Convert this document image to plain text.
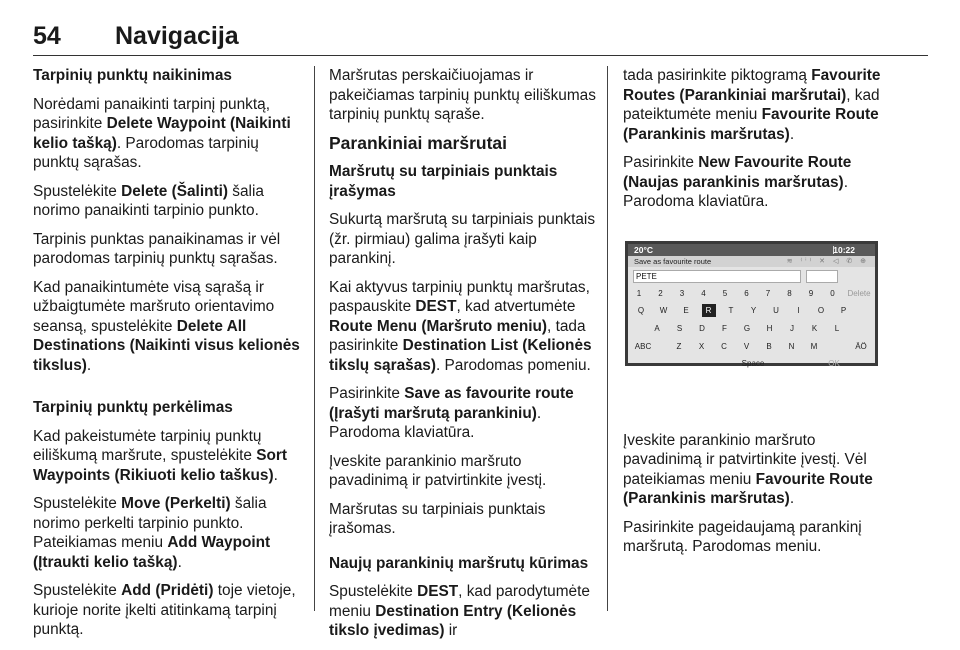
54 Navigacija

Tarpinių punktų naikinimas

Norėdami panaikinti tarpinį punktą, pasirinkite Delete Waypoint (Naikinti kelio tašką). Parodomas tarpinių punktų sąrašas.

Spustelėkite Delete (Šalinti) šalia norimo panaikinti tarpinio punkto.

Tarpinis punktas panaikinamas ir vėl parodomas tarpinių punktų sąrašas.

Kad panaikintumėte visą sąrašą ir užbaigtumėte maršruto orientavimo seansą, spustelėkite Delete All Destinations (Naikinti visus kelionės tikslus).

Tarpinių punktų perkėlimas

Kad pakeistumėte tarpinių punktų eiliškumą maršrute, spustelėkite Sort Waypoints (Rikiuoti kelio taškus).

Spustelėkite Move (Perkelti) šalia norimo perkelti tarpinio punkto. Pateikiamas meniu Add Waypoint (Įtraukti kelio tašką).

Spustelėkite Add (Pridėti) toje vietoje, kurioje norite įkelti atitinkamą tarpinį punktą.

Maršrutas perskaičiuojamas ir pakeičiamas tarpinių punktų eiliškumas tarpinių punktų sąraše.

Parankiniai maršrutai

Maršrutų su tarpiniais punktais įrašymas

Sukurtą maršrutą su tarpiniais punktais (žr. pirmiau) galima įrašyti kaip parankinį.

Kai aktyvus tarpinių punktų maršrutas, paspauskite DEST, kad atvertumėte Route Menu (Maršruto meniu), tada pasirinkite Destination List (Kelionės tikslų sąrašas). Parodomas pomeniu.

Pasirinkite Save as favourite route (Įrašyti maršrutą parankiniu). Parodoma klaviatūra.

Įveskite parankinio maršruto pavadinimą ir patvirtinkite įvestį.

Maršrutas su tarpiniais punktais įrašomas.

Naujų parankinių maršrutų kūrimas

Spustelėkite DEST, kad parodytumėte meniu Destination Entry (Kelionės tikslo įvedimas) ir

tada pasirinkite piktogramą Favourite Routes (Parankiniai maršrutai), kad pateiktumėte meniu Favourite Route (Parankinis maršrutas).

Pasirinkite New Favourite Route (Naujas parankinis maršrutas). Parodoma klaviatūra.

Įveskite parankinio maršruto pavadinimą ir patvirtinkite įvestį. Vėl pateikiamas meniu Favourite Route (Parankinis maršrutas).

Pasirinkite pageidaujamą parankinį maršrutą. Parodomas meniu.

20°C	10:22
Save as favourite route	≋ ⁽ⁱ⁾ ✕ ◁ ✆ ⊕
PETE
1	2	3	4	5	6	7	8	9	0	Delete
Q	W	E	R	T	Y	U	I	O	P
A	S	D	F	G	H	J	K	L
ABC	Z	X	C	V	B	N	M	ÄÖ
Space	OK
